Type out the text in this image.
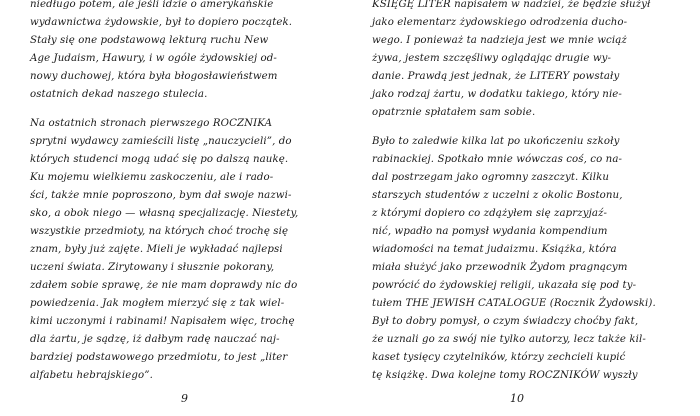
niedługo potem, ale jeśli idzie o amerykańskie
wydawnictwa żydowskie, był to dopiero początek.
Stały się one podstawową lekturą ruchu New
Age Judaism, Hawury, i w ogóle żydowskiej od-
nowy duchowej, która była błogosławieństwem
ostatnich dekad naszego stulecia.
Na ostatnich stronach pierwszego ROCZNIKA
sprytni wydawcy zamieścili listę „nauczycieli”, do
których studenci mogą udać się po dalszą naukę.
Ku mojemu wielkiemu zaskoczeniu, ale i rado-
ści, także mnie poproszono, bym dał swoje nazwi-
sko, a obok niego — własną specjalizację. Niestety,
wszystkie przedmioty, na których choć trochę się
znam, były już zajęte. Mieli je wykładać najlepsi
uczeni świata. Zirytowany i słusznie pokorany,
zdałem sobie sprawę, że nie mam doprawdy nic do
powiedzenia. Jak mogłem mierzyć się z tak wiel-
kimi uczonymi i rabinami! Napisałem więc, trochę
dla żartu, je sądzę, iż dałbym radę nauczać naj-
bardziej podstawowego przedmiotu, to jest „liter
alfabetu hebrajskiego”.
9
KSIĘGĘ LITER napisałem w nadziei, że będzie służył
jako elementarz żydowskiego odrodzenia ducho-
wego. I ponieważ ta nadzieja jest we mnie wciąż
żywa, jestem szczęśliwy oglądając drugie wy-
danie. Prawdą jest jednak, że LITERY powstały
jako rodzaj żartu, w dodatku takiego, który nie-
opatrznie spłatałem sam sobie.
Było to zaledwie kilka lat po ukończeniu szkoły
rabinackiej. Spotkało mnie wówczas coś, co na-
dal postrzegam jako ogromny zaszczyt. Kilku
starszych studentów z uczelni z okolic Bostonu,
z którymi dopiero co zdążyłem się zaprzyjaź-
nić, wpadło na pomysł wydania kompendium
wiadomości na temat judaizmu. Książka, która
miała służyć jako przewodnik Żydom pragnącym
powrócić do żydowskiej religii, ukazała się pod ty-
tułem THE JEWISH CATALOGUE (Rocznik Żydowski).
Był to dobry pomysł, o czym świadczy choćby fakt,
że uznali go za swój nie tylko autorzy, lecz także kil-
kaset tysięcy czytelników, którzy zechcieli kupić
tę książkę. Dwa kolejne tomy ROCZNIKÓW wyszły
10
